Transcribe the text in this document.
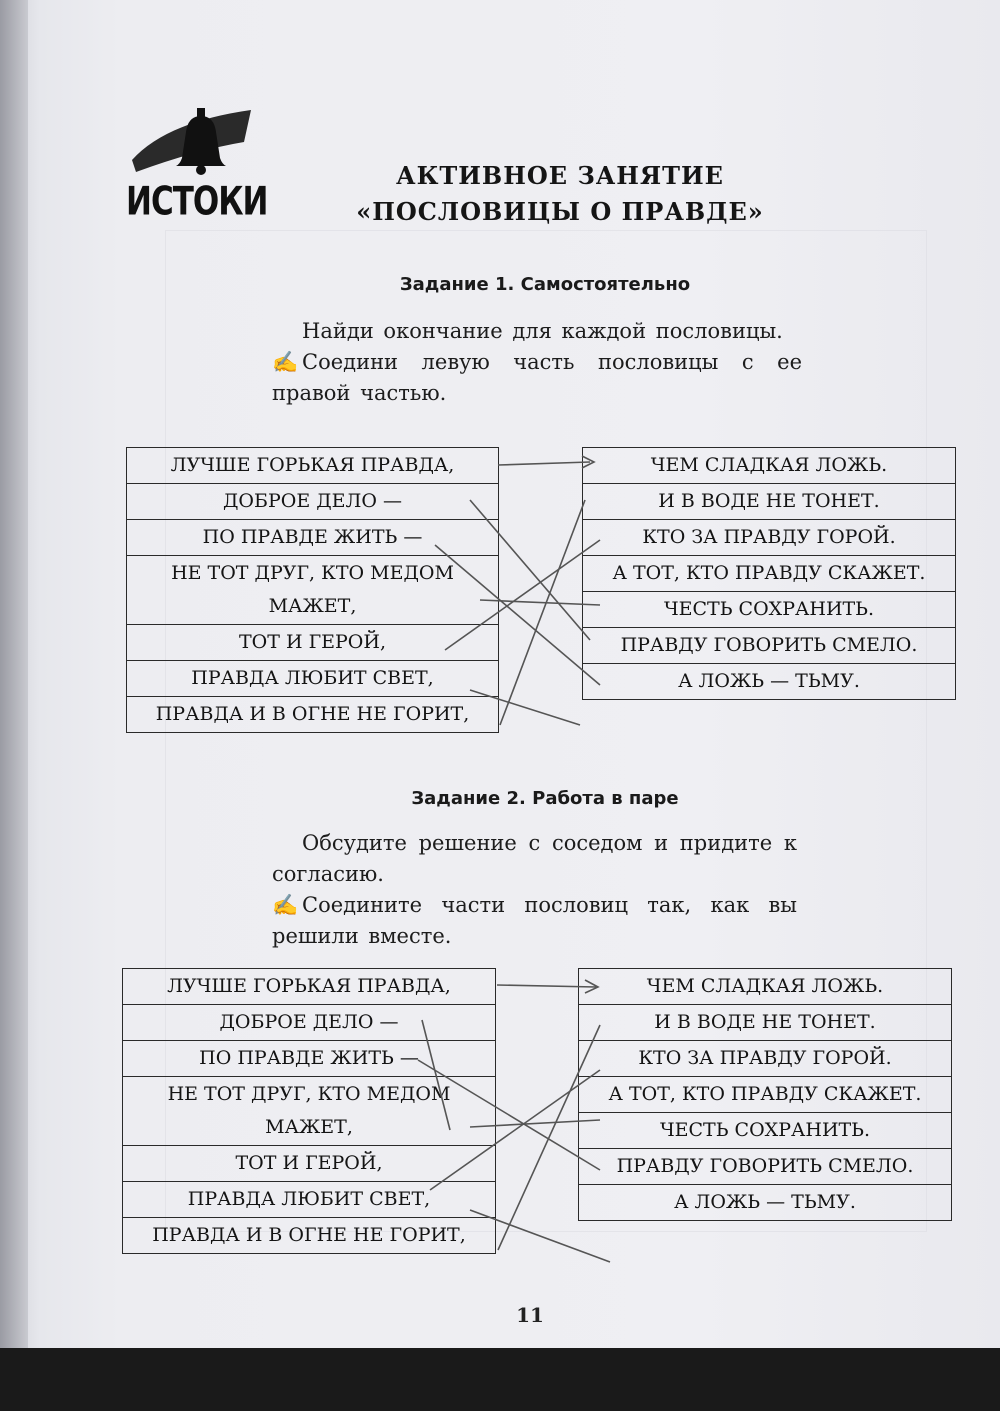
ИСТОКИ
АКТИВНОЕ ЗАНЯТИЕ
«ПОСЛОВИЦЫ О ПРАВДЕ»
Задание 1. Самостоятельно
Найди окончание для каждой пословицы.
✍ Соедини левую часть пословицы с ее правой частью.
ЛУЧШЕ ГОРЬКАЯ ПРАВДА,
ДОБРОЕ ДЕЛО —
ПО ПРАВДЕ ЖИТЬ —
НЕ ТОТ ДРУГ, КТО МЕДОМ МАЖЕТ,
ТОТ И ГЕРОЙ,
ПРАВДА ЛЮБИТ СВЕТ,
ПРАВДА И В ОГНЕ НЕ ГОРИТ,
ЧЕМ СЛАДКАЯ ЛОЖЬ.
И В ВОДЕ НЕ ТОНЕТ.
КТО ЗА ПРАВДУ ГОРОЙ.
А ТОТ, КТО ПРАВДУ СКАЖЕТ.
ЧЕСТЬ СОХРАНИТЬ.
ПРАВДУ ГОВОРИТЬ СМЕЛО.
А ЛОЖЬ — ТЬМУ.
Задание 2. Работа в паре
Обсудите решение с соседом и придите к согласию.
✍ Соедините части пословиц так, как вы решили вместе.
ЛУЧШЕ ГОРЬКАЯ ПРАВДА,
ДОБРОЕ ДЕЛО —
ПО ПРАВДЕ ЖИТЬ —
НЕ ТОТ ДРУГ, КТО МЕДОМ МАЖЕТ,
ТОТ И ГЕРОЙ,
ПРАВДА ЛЮБИТ СВЕТ,
ПРАВДА И В ОГНЕ НЕ ГОРИТ,
ЧЕМ СЛАДКАЯ ЛОЖЬ.
И В ВОДЕ НЕ ТОНЕТ.
КТО ЗА ПРАВДУ ГОРОЙ.
А ТОТ, КТО ПРАВДУ СКАЖЕТ.
ЧЕСТЬ СОХРАНИТЬ.
ПРАВДУ ГОВОРИТЬ СМЕЛО.
А ЛОЖЬ — ТЬМУ.
11
